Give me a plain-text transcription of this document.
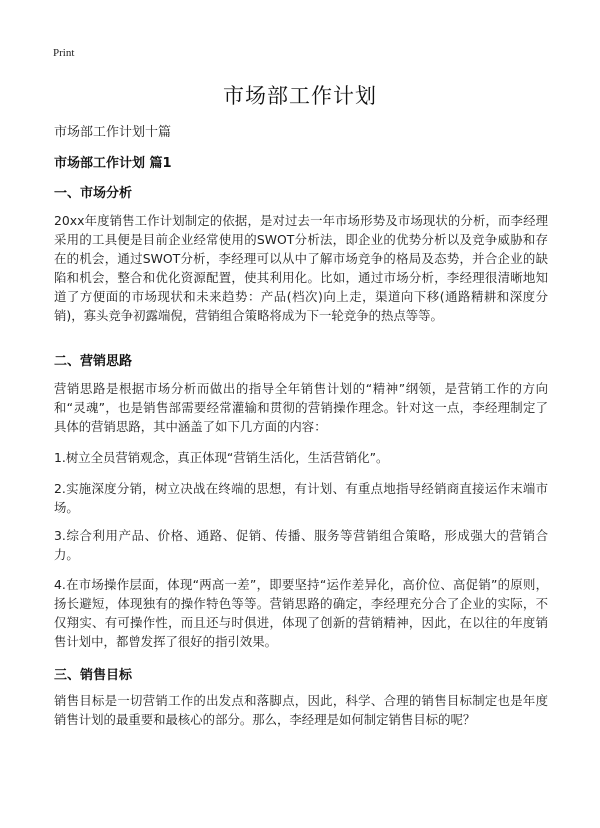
Print
市场部工作计划
市场部工作计划十篇
市场部工作计划 篇1
一、市场分析
20xx年度销售工作计划制定的依据，是对过去一年市场形势及市场现状的分析，而李经理采用的工具便是目前企业经常使用的SWOT分析法，即企业的优势分析以及竞争威胁和存在的机会，通过SWOT分析，李经理可以从中了解市场竞争的格局及态势，并合企业的缺陷和机会，整合和优化资源配置，使其利用化。比如，通过市场分析，李经理很清晰地知道了方便面的市场现状和未来趋势：产品(档次)向上走，渠道向下移(通路精耕和深度分销)，寡头竞争初露端倪，营销组合策略将成为下一轮竞争的热点等等。
二、营销思路
营销思路是根据市场分析而做出的指导全年销售计划的“精神”纲领，是营销工作的方向和“灵魂”，也是销售部需要经常灌输和贯彻的营销操作理念。针对这一点，李经理制定了具体的营销思路，其中涵盖了如下几方面的内容：
1.树立全员营销观念，真正体现“营销生活化，生活营销化”。
2.实施深度分销，树立决战在终端的思想，有计划、有重点地指导经销商直接运作末端市场。
3.综合利用产品、价格、通路、促销、传播、服务等营销组合策略，形成强大的营销合力。
4.在市场操作层面，体现“两高一差”，即要坚持“运作差异化，高价位、高促销”的原则，扬长避短，体现独有的操作特色等等。营销思路的确定，李经理充分合了企业的实际，不仅翔实、有可操作性，而且还与时俱进，体现了创新的营销精神，因此，在以往的年度销售计划中，都曾发挥了很好的指引效果。
三、销售目标
销售目标是一切营销工作的出发点和落脚点，因此，科学、合理的销售目标制定也是年度销售计划的最重要和最核心的部分。那么，李经理是如何制定销售目标的呢？
